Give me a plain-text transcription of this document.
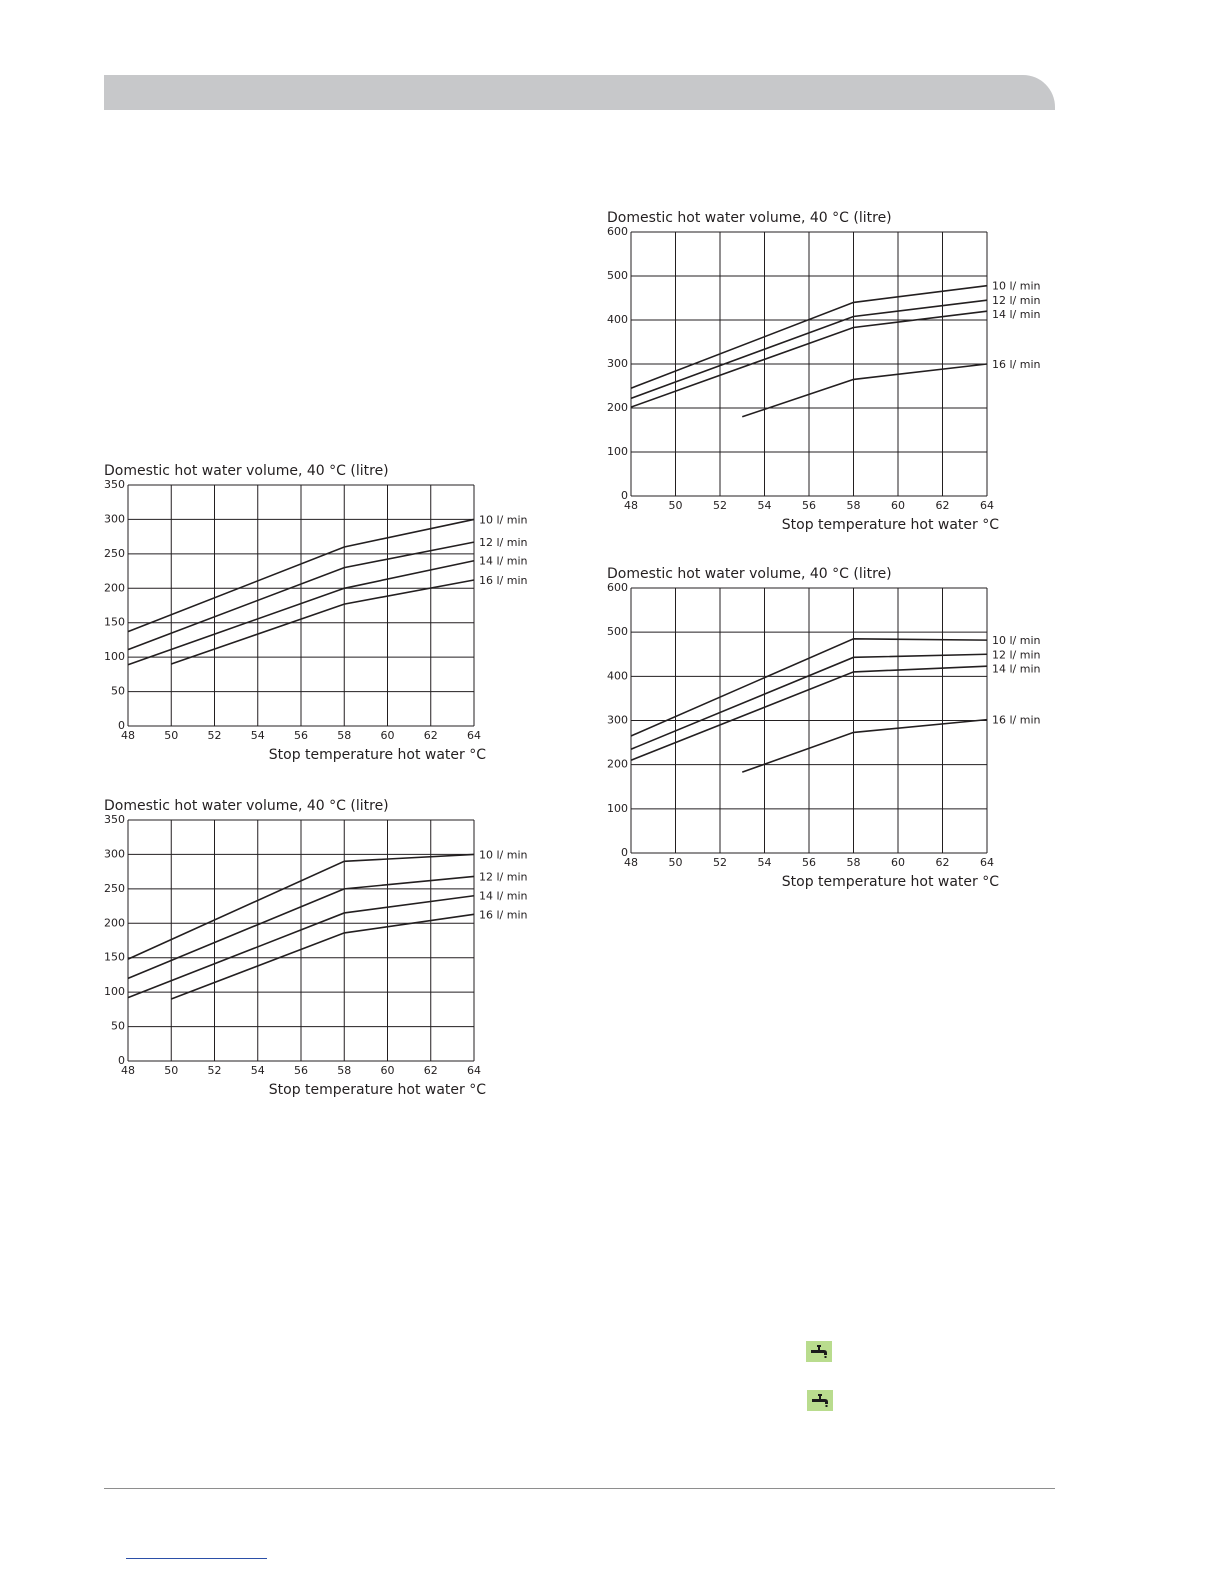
Domestic hot water volume, 40 °C (litre)
0
50
100
150
200
250
300
350
48	50	52	54	56	58	60	62	64
Stop temperature hot water °C
10 l/ min
12 l/ min
14 l/ min
16 l/ min
Domestic hot water volume, 40 °C (litre)
0
50
100
150
200
250
300
350
48	50	52	54	56	58	60	62	64
Stop temperature hot water °C
10 l/ min
12 l/ min
14 l/ min
16 l/ min
Domestic hot water volume, 40 °C (litre)
0
100
200
300
400
500
600
48	50	52	54	56	58	60	62	64
Stop temperature hot water °C
10 l/ min
12 l/ min
14 l/ min
16 l/ min
Domestic hot water volume, 40 °C (litre)
0
100
200
300
400
500
600
48	50	52	54	56	58	60	62	64
Stop temperature hot water °C
10 l/ min
12 l/ min
14 l/ min
16 l/ min
